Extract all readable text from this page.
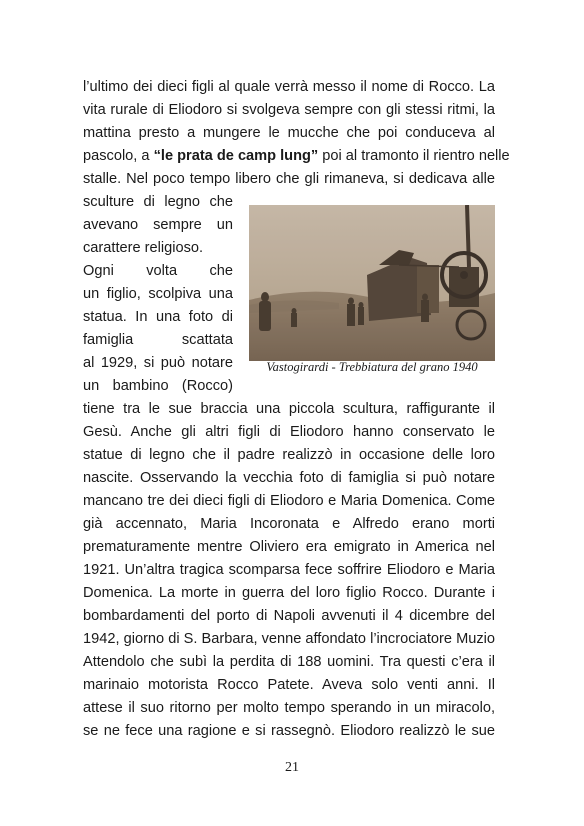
l’ultimo dei dieci figli al quale verrà messo il nome di Rocco. La
vita rurale di Eliodoro si svolgeva sempre con gli stessi ritmi, la
mattina presto a mungere le mucche che poi conduceva al
pascolo, a “le prata de camp lung” poi al tramonto il rientro nelle
stalle. Nel poco tempo libero che gli rimaneva, si dedicava alle
sculture di legno che
avevano sempre un
carattere religioso.
Ogni volta che
un figlio, scolpiva una
statua. In una foto di
famiglia scattata
al 1929, si può notare
un bambino (Rocco)
tiene tra le sue braccia una piccola scultura, raffigurante il
Gesù. Anche gli altri figli di Eliodoro hanno conservato le
statue di legno che il padre realizzò in occasione delle loro
nascite. Osservando la vecchia foto di famiglia si può notare
mancano tre dei dieci figli di Eliodoro e Maria Domenica. Come
già accennato, Maria Incoronata e Alfredo erano morti
prematuramente mentre Oliviero era emigrato in America nel
1921. Un’altra tragica scomparsa fece soffrire Eliodoro e Maria
Domenica. La morte in guerra del loro figlio Rocco. Durante i
bombardamenti del porto di Napoli avvenuti il 4 dicembre del
1942, giorno di S. Barbara, venne affondato l’incrociatore Muzio
Attendolo che subì la perdita di 188 uomini. Tra questi c’era il
marinaio motorista Rocco Patete. Aveva solo venti anni. Il
attese il suo ritorno per molto tempo sperando in un miracolo,
se ne fece una ragione e si rassegnò. Eliodoro realizzò le sue
Vastogirardi - Trebbiatura del grano 1940
21
